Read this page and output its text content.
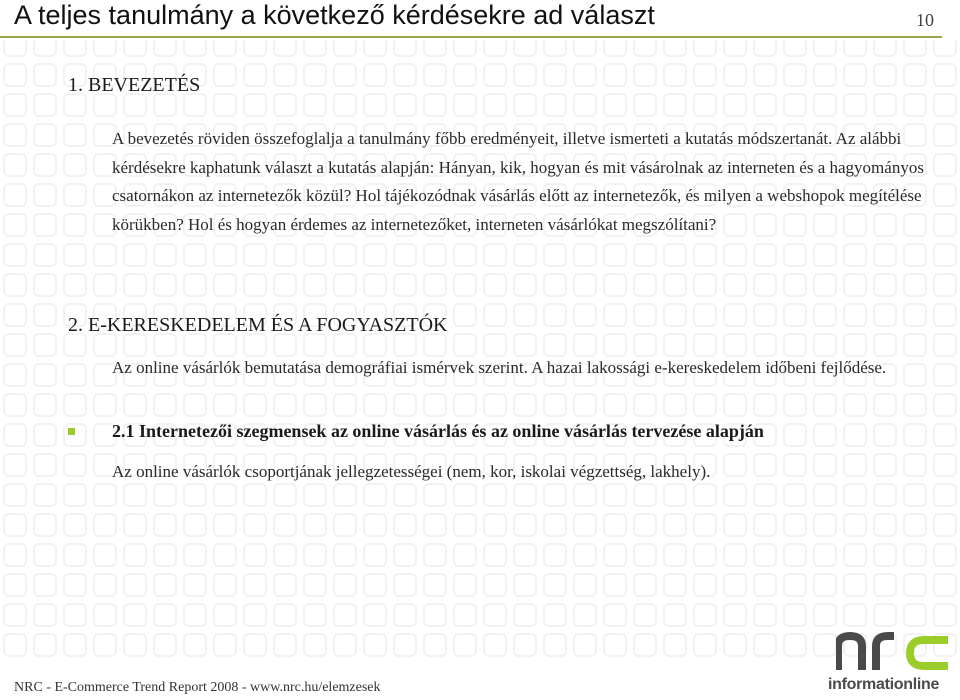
A teljes tanulmány a következő kérdésekre ad választ	10
1. BEVEZETÉS
A bevezetés röviden összefoglalja a tanulmány főbb eredményeit, illetve ismerteti a kutatás módszertanát. Az alábbi kérdésekre kaphatunk választ a kutatás alapján: Hányan, kik, hogyan és mit vásárolnak az interneten és a hagyományos csatornákon az internetezők közül? Hol tájékozódnak vásárlás előtt az internetezők, és milyen a webshopok megítélése körükben? Hol és hogyan érdemes az internetezőket, interneten vásárlókat megszólítani?
2. E-KERESKEDELEM ÉS A FOGYASZTÓK
Az online vásárlók bemutatása demográfiai ismérvek szerint. A hazai lakossági e-kereskedelem időbeni fejlődése.
2.1 Internetezői szegmensek az online vásárlás és az online vásárlás tervezése alapján
Az online vásárlók csoportjának jellegzetességei (nem, kor, iskolai végzettség, lakhely).
NRC - E-Commerce Trend Report 2008 - www.nrc.hu/elemzesek	informationline
